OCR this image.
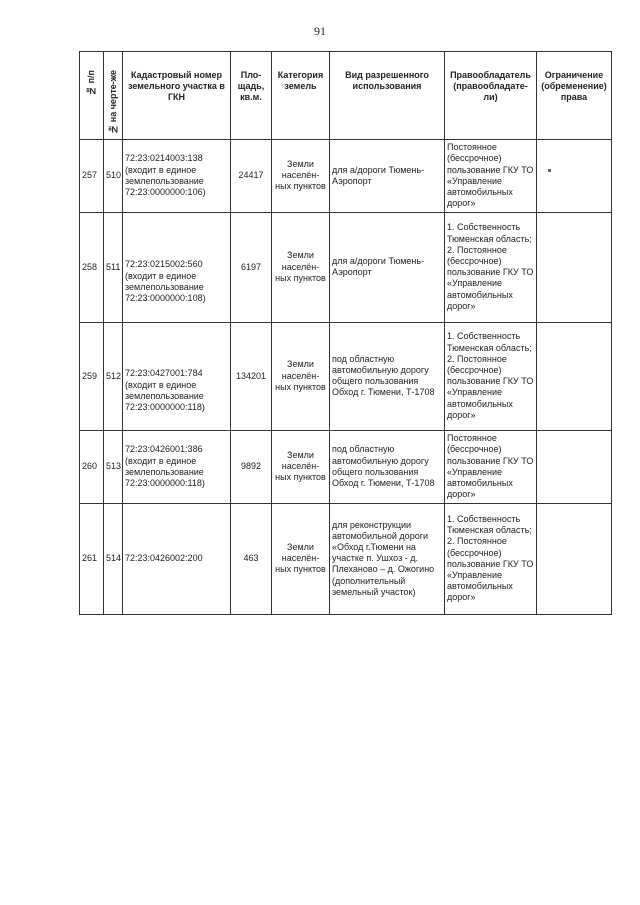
91
№ п/п	№ на черте-же	Кадастровый номер земельного участка в ГКН	Пло-щадь, кв.м.	Категория земель	Вид разрешенного использования	Правообладатель (правообладате-ли)	Ограничение (обременение) права
257	510	72:23:0214003:138 (входит в единое землепользование 72:23:0000000:106)	24417	Земли населён-ных пунктов	для а/дороги Тюмень-Аэропорт	Постоянное (бессрочное) пользование ГКУ ТО «Управление автомобильных дорог»	
258	511	72:23:0215002:560 (входит в единое землепользование 72:23:0000000:108)	6197	Земли населён-ных пунктов	для а/дороги Тюмень-Аэропорт	1. Собственность Тюменская область; 2. Постоянное (бессрочное) пользование ГКУ ТО «Управление автомобильных дорог»	
259	512	72:23:0427001:784 (входит в единое землепользование 72:23:0000000:118)	134201	Земли населён-ных пунктов	под областную автомобильную дорогу общего пользования Обход г. Тюмени, Т-1708	1. Собственность Тюменская область; 2. Постоянное (бессрочное) пользование ГКУ ТО «Управление автомобильных дорог»	
260	513	72:23:0426001:386 (входит в единое землепользование 72:23:0000000:118)	9892	Земли населён-ных пунктов	под областную автомобильную дорогу общего пользования Обход г. Тюмени, Т-1708	Постоянное (бессрочное) пользование ГКУ ТО «Управление автомобильных дорог»	
261	514	72:23:0426002:200	463	Земли населён-ных пунктов	для реконструкции автомобильной дороги «Обход г.Тюмени на участке п. Ушхоз - д. Плеханово – д. Ожогино (дополнительный земельный участок)	1. Собственность Тюменская область; 2. Постоянное (бессрочное) пользование ГКУ ТО «Управление автомобильных дорог»	
